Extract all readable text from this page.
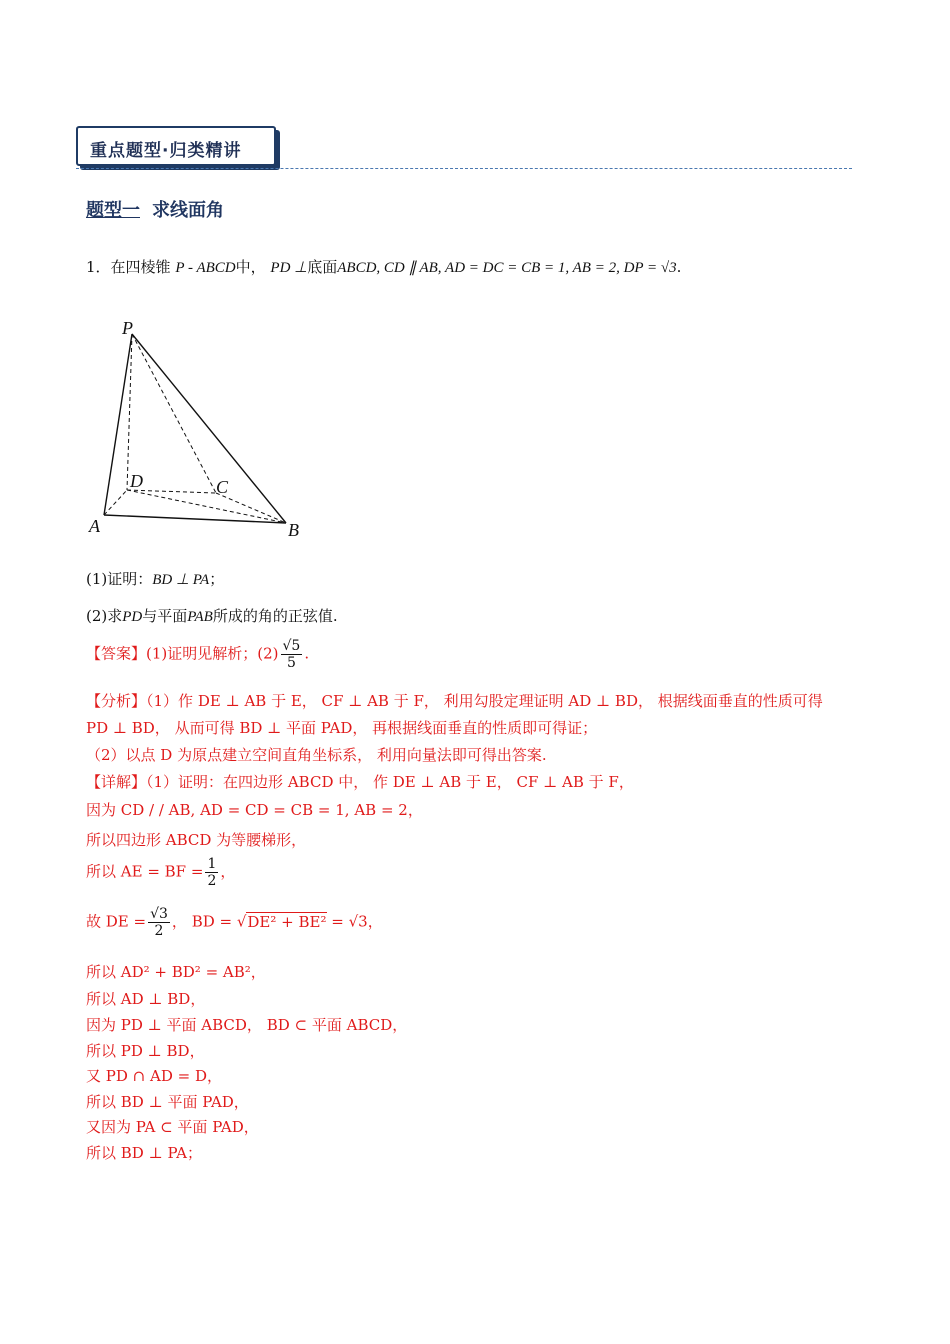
重点题型·归类精讲
题型一 求线面角
1．在四棱锥 P - ABCD中， PD ⊥底面ABCD, CD ∥ AB, AD = DC = CB = 1, AB = 2, DP = √3.
P
A	B
C
D
(1)证明：BD ⊥ PA；
(2)求PD与平面PAB所成的角的正弦值.
【答案】(1)证明见解析；$(2) \frac{√5}{5}$ .
【分析】（1）作 DE ⊥ AB 于 E， CF ⊥ AB 于 F， 利用勾股定理证明 AD ⊥ BD， 根据线面垂直的性质可得
PD ⊥ BD， 从而可得 BD ⊥ 平面 PAD， 再根据线面垂直的性质即可得证；
（2）以点 D 为原点建立空间直角坐标系， 利用向量法即可得出答案.
【详解】（1）证明：在四边形 ABCD 中， 作 DE ⊥ AB 于 E， CF ⊥ AB 于 F，
因为 CD / / AB, AD = CD = CB = 1, AB = 2，
所以四边形 ABCD 为等腰梯形，
所以 AE = BF = $\frac{1}{2}$ ，
故 DE = $\frac{√3}{2}$ ， BD = √DE² + BE² = √3，
所以 AD² + BD² = AB²，
所以 AD ⊥ BD，
因为 PD ⊥ 平面 ABCD， BD ⊂ 平面 ABCD，
所以 PD ⊥ BD，
又 PD ∩ AD = D，
所以 BD ⊥ 平面 PAD，
又因为 PA ⊂ 平面 PAD，
所以 BD ⊥ PA；
